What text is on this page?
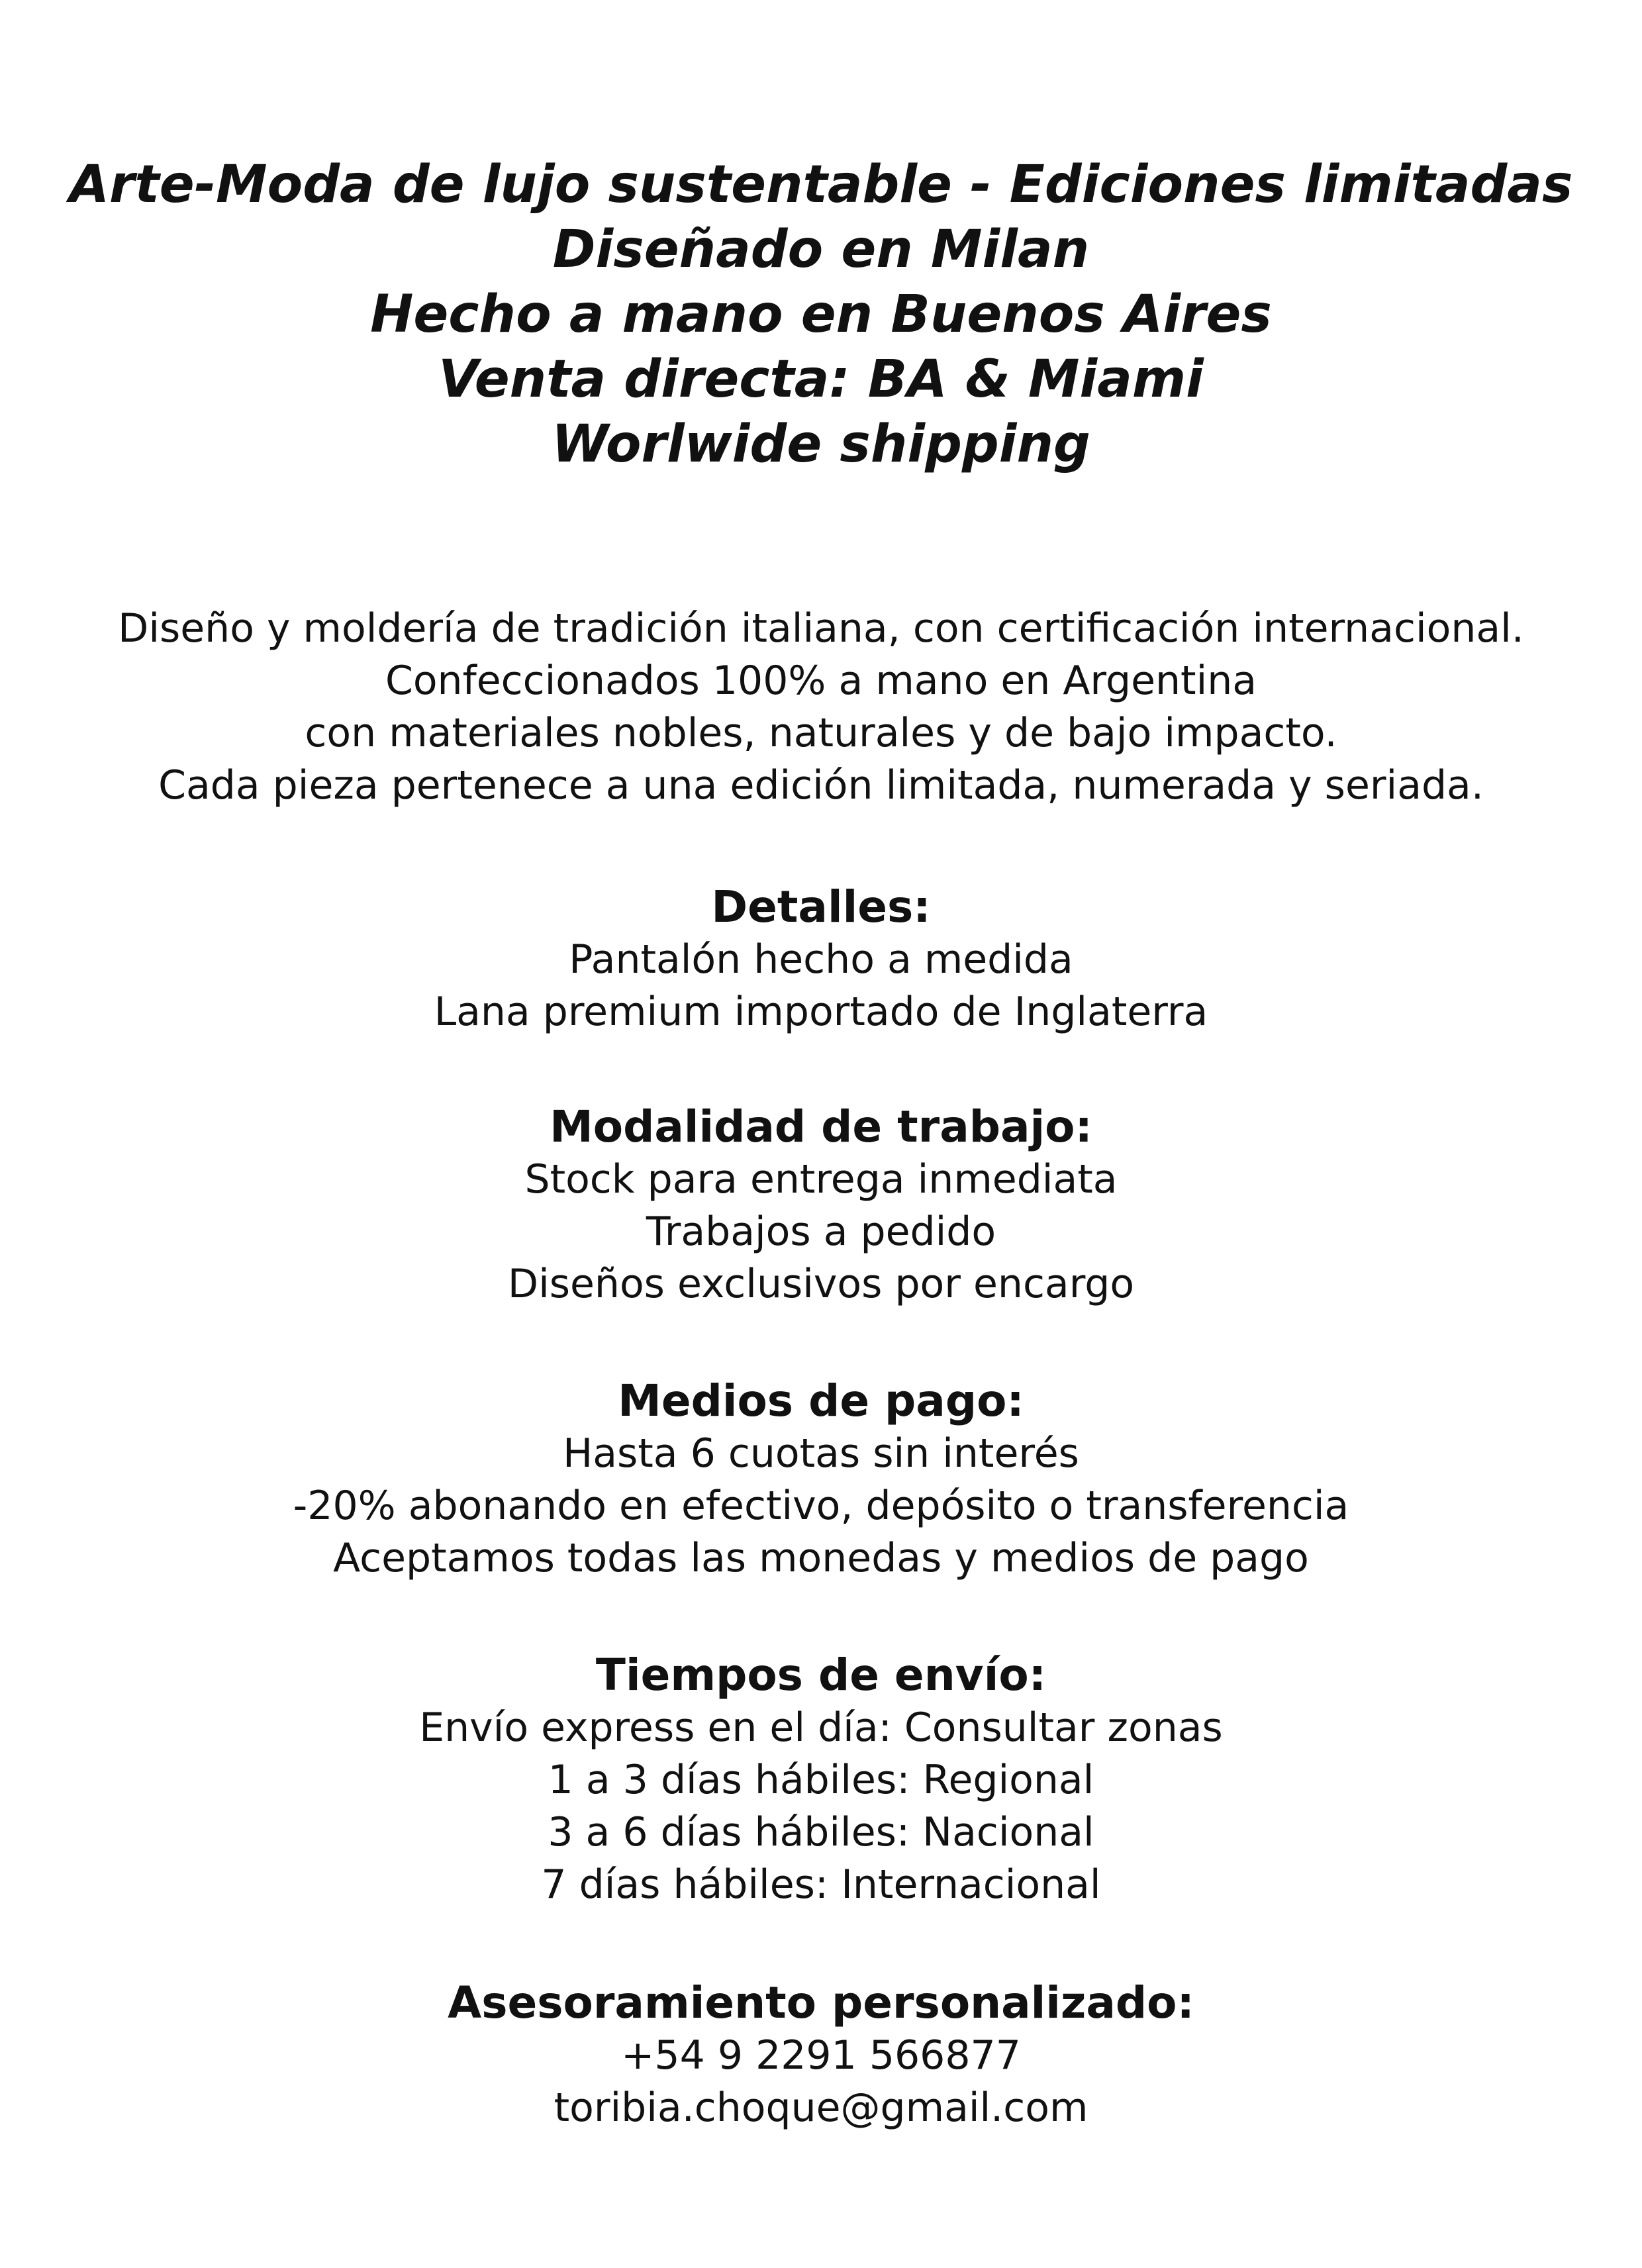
Arte-Moda de lujo sustentable - Ediciones limitadas
Diseñado en Milan
Hecho a mano en Buenos Aires
Venta directa: BA & Miami
Worlwide shipping
Diseño y moldería de tradición italiana, con certificación internacional.
Confeccionados 100% a mano en Argentina
con materiales nobles, naturales y de bajo impacto.
Cada pieza pertenece a una edición limitada, numerada y seriada.
Detalles:
Pantalón hecho a medida
Lana premium importado de Inglaterra
Modalidad de trabajo:
Stock para entrega inmediata
Trabajos a pedido
Diseños exclusivos por encargo
Medios de pago:
Hasta 6 cuotas sin interés
-20% abonando en efectivo, depósito o transferencia
Aceptamos todas las monedas y medios de pago
Tiempos de envío:
Envío express en el día: Consultar zonas
1 a 3 días hábiles: Regional
3 a 6 días hábiles: Nacional
7 días hábiles: Internacional
Asesoramiento personalizado:
+54 9 2291 566877
toribia.choque@gmail.com
